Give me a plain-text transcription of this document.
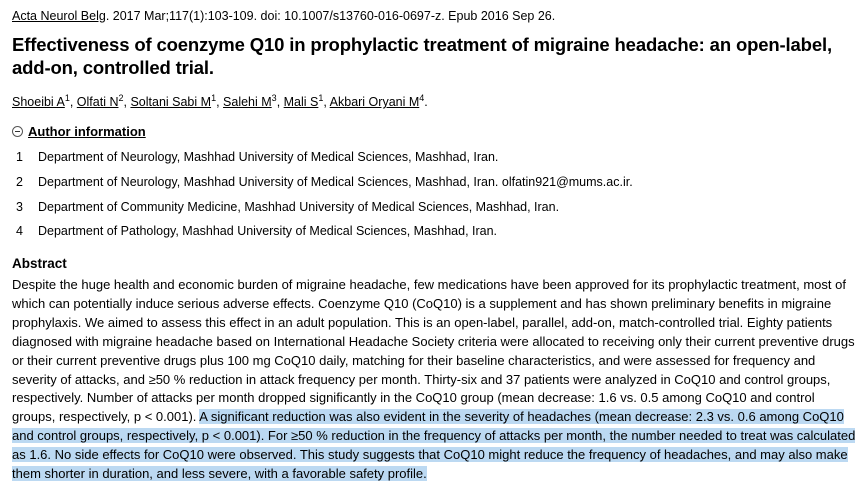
Acta Neurol Belg. 2017 Mar;117(1):103-109. doi: 10.1007/s13760-016-0697-z. Epub 2016 Sep 26.
Effectiveness of coenzyme Q10 in prophylactic treatment of migraine headache: an open-label, add-on, controlled trial.
Shoeibi $A^1$, Olfati $N^2$, Soltani Sabi $M^1$, Salehi $M^3$, Mali $S^1$, Akbari Oryani $M^4$.
Author information
1	Department of Neurology, Mashhad University of Medical Sciences, Mashhad, Iran.
2	Department of Neurology, Mashhad University of Medical Sciences, Mashhad, Iran. olfatin921@mums.ac.ir.
3	Department of Community Medicine, Mashhad University of Medical Sciences, Mashhad, Iran.
4	Department of Pathology, Mashhad University of Medical Sciences, Mashhad, Iran.
Abstract
Despite the huge health and economic burden of migraine headache, few medications have been approved for its prophylactic treatment, most of which can potentially induce serious adverse effects. Coenzyme Q10 (CoQ10) is a supplement and has shown preliminary benefits in migraine prophylaxis. We aimed to assess this effect in an adult population. This is an open-label, parallel, add-on, match-controlled trial. Eighty patients diagnosed with migraine headache based on International Headache Society criteria were allocated to receiving only their current preventive drugs or their current preventive drugs plus 100 mg CoQ10 daily, matching for their baseline characteristics, and were assessed for frequency and severity of attacks, and ≥50 % reduction in attack frequency per month. Thirty-six and 37 patients were analyzed in CoQ10 and control groups, respectively. Number of attacks per month dropped significantly in the CoQ10 group (mean decrease: 1.6 vs. 0.5 among CoQ10 and control groups, respectively, p < 0.001). A significant reduction was also evident in the severity of headaches (mean decrease: 2.3 vs. 0.6 among CoQ10 and control groups, respectively, p < 0.001). For ≥50 % reduction in the frequency of attacks per month, the number needed to treat was calculated as 1.6. No side effects for CoQ10 were observed. This study suggests that CoQ10 might reduce the frequency of headaches, and may also make them shorter in duration, and less severe, with a favorable safety profile.
